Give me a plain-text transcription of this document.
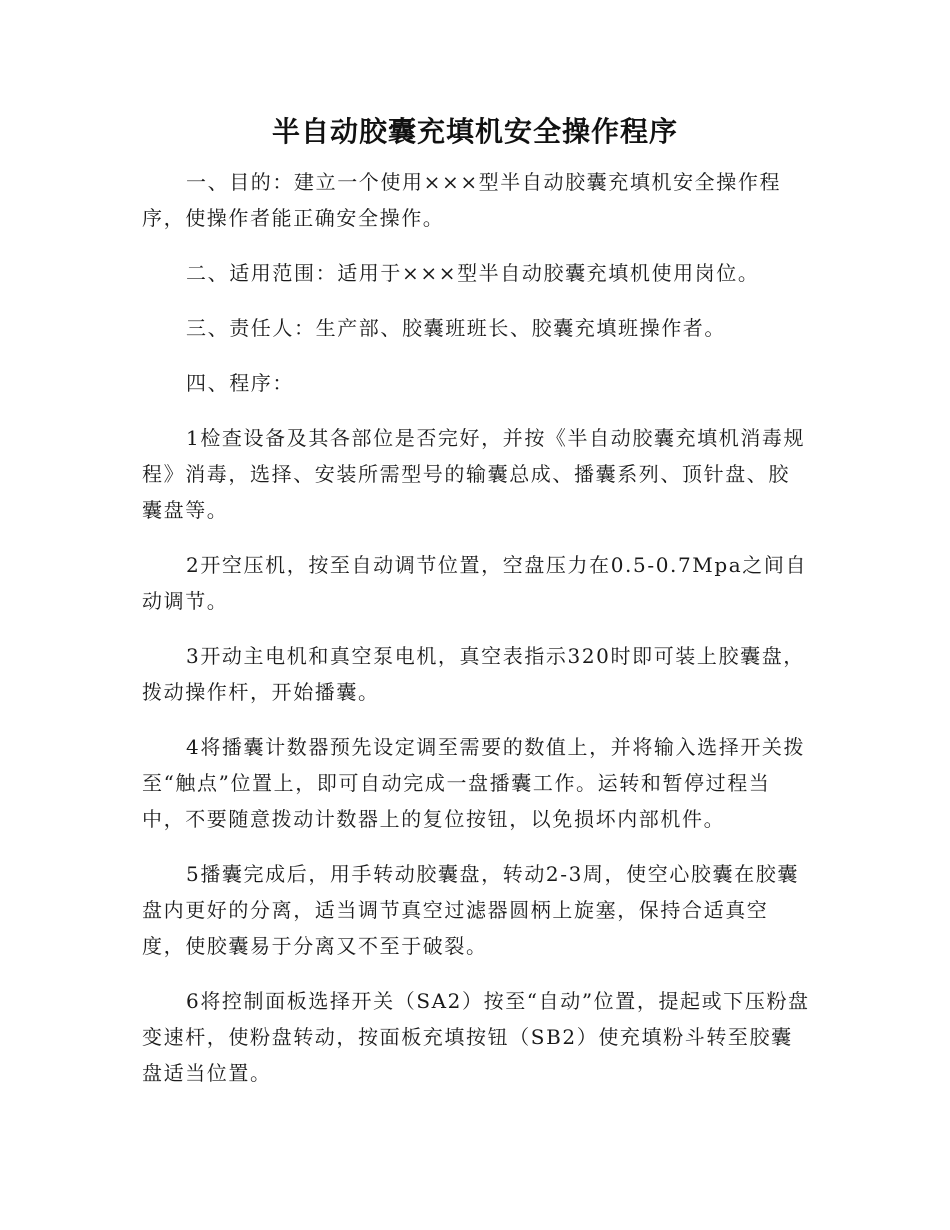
半自动胶囊充填机安全操作程序

一、目的：建立一个使用×××型半自动胶囊充填机安全操作程序，使操作者能正确安全操作。

二、适用范围：适用于×××型半自动胶囊充填机使用岗位。

三、责任人：生产部、胶囊班班长、胶囊充填班操作者。

四、程序：

1检查设备及其各部位是否完好，并按《半自动胶囊充填机消毒规程》消毒，选择、安装所需型号的输囊总成、播囊系列、顶针盘、胶囊盘等。

2开空压机，按至自动调节位置，空盘压力在0.5-0.7Mpa之间自动调节。

3开动主电机和真空泵电机，真空表指示320时即可装上胶囊盘，拨动操作杆，开始播囊。

4将播囊计数器预先设定调至需要的数值上，并将输入选择开关拨至“触点”位置上，即可自动完成一盘播囊工作。运转和暂停过程当中，不要随意拨动计数器上的复位按钮，以免损坏内部机件。

5播囊完成后，用手转动胶囊盘，转动2-3周，使空心胶囊在胶囊盘内更好的分离，适当调节真空过滤器圆柄上旋塞，保持合适真空度，使胶囊易于分离又不至于破裂。

6将控制面板选择开关（SA2）按至“自动”位置，提起或下压粉盘变速杆，使粉盘转动，按面板充填按钮（SB2）使充填粉斗转至胶囊盘适当位置。
